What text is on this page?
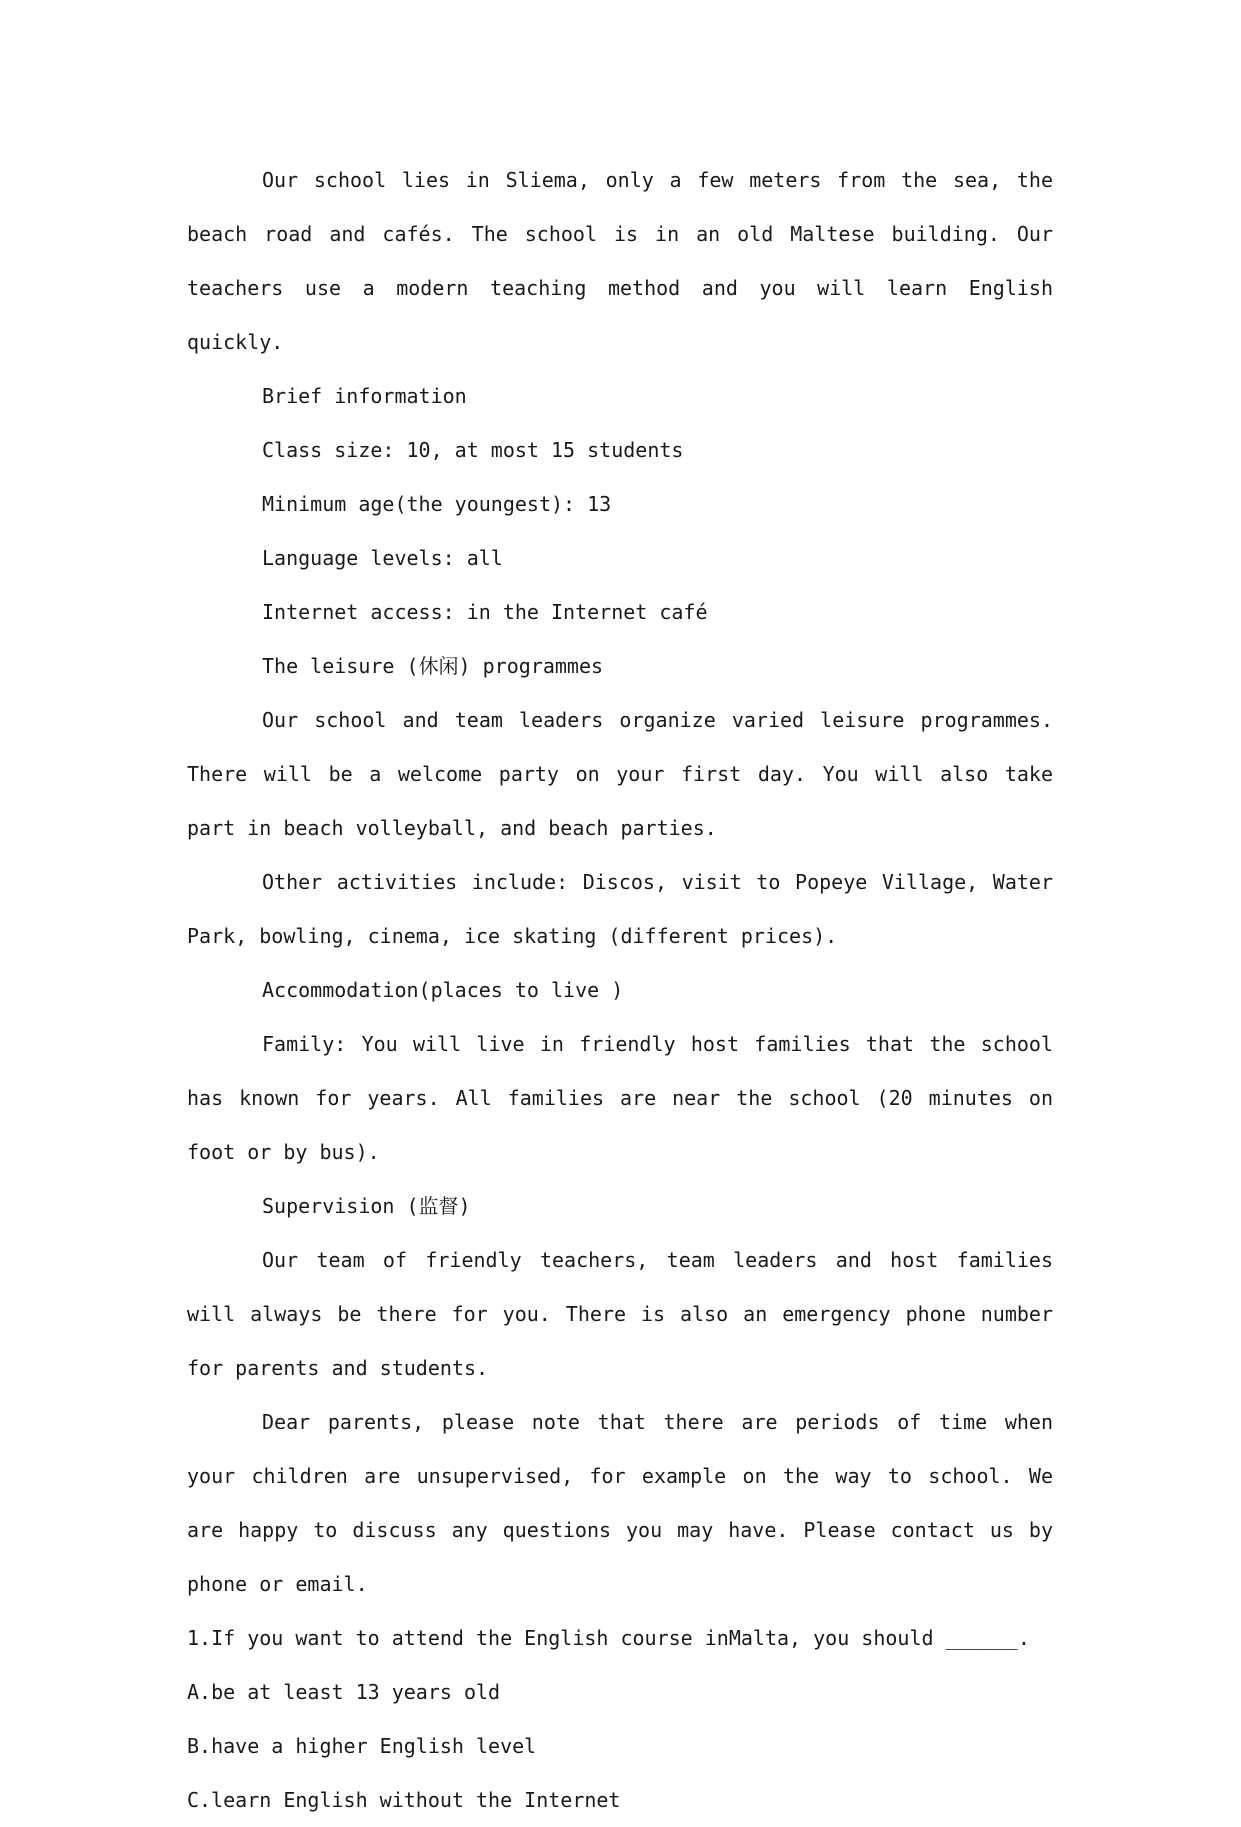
Our school lies in Sliema, only a few meters from the sea, the beach road and cafés. The school is in an old Maltese building. Our teachers use a modern teaching method and you will learn English quickly.

Brief information
Class size: 10, at most 15 students
Minimum age(the youngest): 13
Language levels: all
Internet access: in the Internet café
The leisure (休闲) programmes

Our school and team leaders organize varied leisure programmes. There will be a welcome party on your first day. You will also take part in beach volleyball, and beach parties.

Other activities include: Discos, visit to Popeye Village, Water Park, bowling, cinema, ice skating (different prices).

Accommodation(places to live )

Family: You will live in friendly host families that the school has known for years. All families are near the school (20 minutes on foot or by bus).

Supervision (监督)

Our team of friendly teachers, team leaders and host families will always be there for you. There is also an emergency phone number for parents and students.

Dear parents, please note that there are periods of time when your children are unsupervised, for example on the way to school. We are happy to discuss any questions you may have. Please contact us by phone or email.

1.If you want to attend the English course inMalta, you should ______.
A.be at least 13 years old
B.have a higher English level
C.learn English without the Internet
